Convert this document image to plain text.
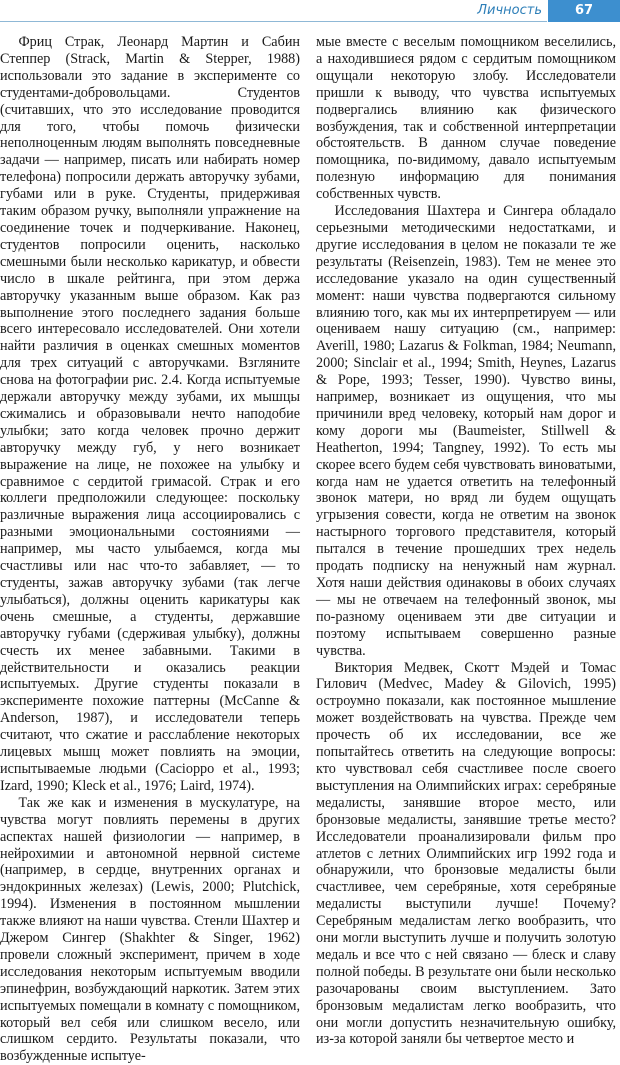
Личность	67

Фриц Страк, Леонард Мартин и Сабин Степпер (Strack, Martin & Stepper, 1988) использовали это задание в эксперименте со студентами-добровольцами. Студентов (считавших, что это исследование проводится для того, чтобы помочь физически неполноценным людям выполнять повседневные задачи — например, писать или набирать номер телефона) попросили держать авторучку зубами, губами или в руке. Студенты, придерживая таким образом ручку, выполняли упражнение на соединение точек и подчеркивание. Наконец, студентов попросили оценить, насколько смешными были несколько карикатур, и обвести число в шкале рейтинга, при этом держа авторучку указанным выше образом. Как раз выполнение этого последнего задания больше всего интересовало исследователей. Они хотели найти различия в оценках смешных моментов для трех ситуаций с авторучками. Взгляните снова на фотографии рис. 2.4. Когда испытуемые держали авторучку между зубами, их мышцы сжимались и образовывали нечто наподобие улыбки; зато когда человек прочно держит авторучку между губ, у него возникает выражение на лице, не похожее на улыбку и сравнимое с сердитой гримасой. Страк и его коллеги предположили следующее: поскольку различные выражения лица ассоциировались с разными эмоциональными состояниями — например, мы часто улыбаемся, когда мы счастливы или нас что-то забавляет, — то студенты, зажав авторучку зубами (так легче улыбаться), должны оценить карикатуры как очень смешные, а студенты, державшие авторучку губами (сдерживая улыбку), должны счесть их менее забавными. Такими в действительности и оказались реакции испытуемых. Другие студенты показали в эксперименте похожие паттерны (McCanne & Anderson, 1987), и исследователи теперь считают, что сжатие и расслабление некоторых лицевых мышц может повлиять на эмоции, испытываемые людьми (Cacioppo et al., 1993; Izard, 1990; Kleck et al., 1976; Laird, 1974).

Так же как и изменения в мускулатуре, на чувства могут повлиять перемены в других аспектах нашей физиологии — например, в нейрохимии и автономной нервной системе (например, в сердце, внутренних органах и эндокринных железах) (Lewis, 2000; Plutchick, 1994). Изменения в постоянном мышлении также влияют на наши чувства. Стенли Шахтер и Джером Сингер (Shakhter & Singer, 1962) провели сложный эксперимент, причем в ходе исследования некоторым испытуемым вводили эпинефрин, возбуждающий наркотик. Затем этих испытуемых помещали в комнату с помощником, который вел себя или слишком весело, или слишком сердито. Результаты показали, что возбужденные испытуе-

мые вместе с веселым помощником веселились, а находившиеся рядом с сердитым помощником ощущали некоторую злобу. Исследователи пришли к выводу, что чувства испытуемых подвергались влиянию как физического возбуждения, так и собственной интерпретации обстоятельств. В данном случае поведение помощника, по-видимому, давало испытуемым полезную информацию для понимания собственных чувств.

Исследования Шахтера и Сингера обладало серьезными методическими недостатками, и другие исследования в целом не показали те же результаты (Reisenzein, 1983). Тем не менее это исследование указало на один существенный момент: наши чувства подвергаются сильному влиянию того, как мы их интерпретируем — или оцениваем нашу ситуацию (см., например: Averill, 1980; Lazarus & Folkman, 1984; Neumann, 2000; Sinclair et al., 1994; Smith, Heynes, Lazarus & Pope, 1993; Tesser, 1990). Чувство вины, например, возникает из ощущения, что мы причинили вред человеку, который нам дорог и кому дороги мы (Baumeister, Stillwell & Heatherton, 1994; Tangney, 1992). То есть мы скорее всего будем себя чувствовать виноватыми, когда нам не удается ответить на телефонный звонок матери, но вряд ли будем ощущать угрызения совести, когда не ответим на звонок настырного торгового представителя, который пытался в течение прошедших трех недель продать подписку на ненужный нам журнал. Хотя наши действия одинаковы в обоих случаях — мы не отвечаем на телефонный звонок, мы по-разному оцениваем эти две ситуации и поэтому испытываем совершенно разные чувства.

Виктория Медвек, Скотт Мэдей и Томас Гилович (Medvec, Madey & Gilovich, 1995) остроумно показали, как постоянное мышление может воздействовать на чувства. Прежде чем прочесть об их исследовании, все же попытайтесь ответить на следующие вопросы: кто чувствовал себя счастливее после своего выступления на Олимпийских играх: серебряные медалисты, занявшие второе место, или бронзовые медалисты, занявшие третье место? Исследователи проанализировали фильм про атлетов с летних Олимпийских игр 1992 года и обнаружили, что бронзовые медалисты были счастливее, чем серебряные, хотя серебряные медалисты выступили лучше! Почему? Серебряным медалистам легко вообразить, что они могли выступить лучше и получить золотую медаль и все что с ней связано — блеск и славу полной победы. В результате они были несколько разочарованы своим выступлением. Зато бронзовым медалистам легко вообразить, что они могли допустить незначительную ошибку, из-за которой заняли бы четвертое место и
